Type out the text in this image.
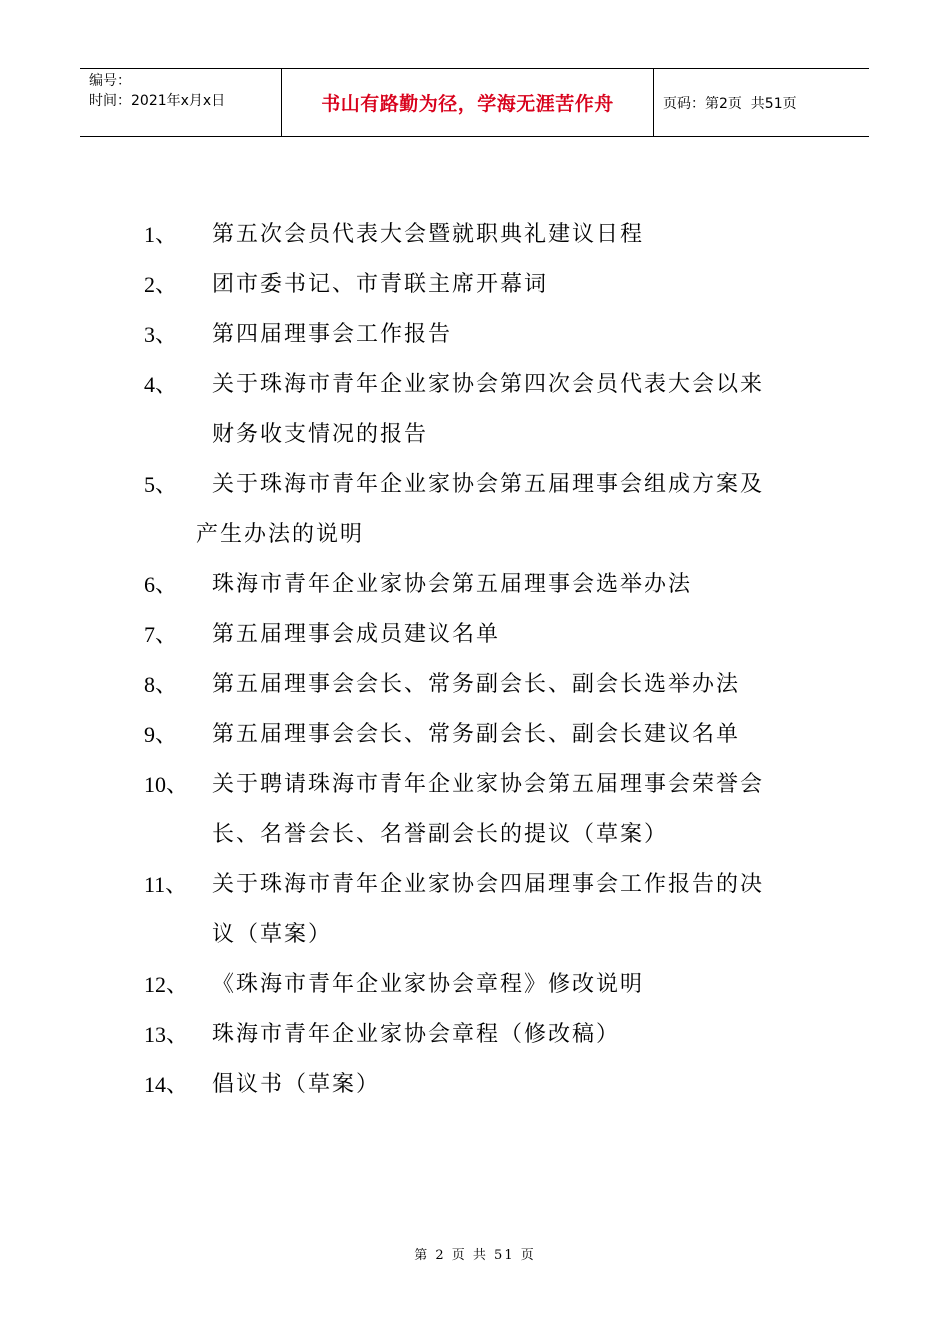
编号：
时间：2021年x月x日	书山有路勤为径，学海无涯苦作舟	页码：第2页  共51页
1、	第五次会员代表大会暨就职典礼建议日程
2、	团市委书记、市青联主席开幕词
3、	第四届理事会工作报告
4、	关于珠海市青年企业家协会第四次会员代表大会以来
财务收支情况的报告
5、	关于珠海市青年企业家协会第五届理事会组成方案及
产生办法的说明
6、	珠海市青年企业家协会第五届理事会选举办法
7、	第五届理事会成员建议名单
8、	第五届理事会会长、常务副会长、副会长选举办法
9、	第五届理事会会长、常务副会长、副会长建议名单
10、	关于聘请珠海市青年企业家协会第五届理事会荣誉会
长、名誉会长、名誉副会长的提议（草案）
11、	关于珠海市青年企业家协会四届理事会工作报告的决
议（草案）
12、	《珠海市青年企业家协会章程》修改说明
13、	珠海市青年企业家协会章程（修改稿）
14、	倡议书（草案）
第 2 页 共 51 页
